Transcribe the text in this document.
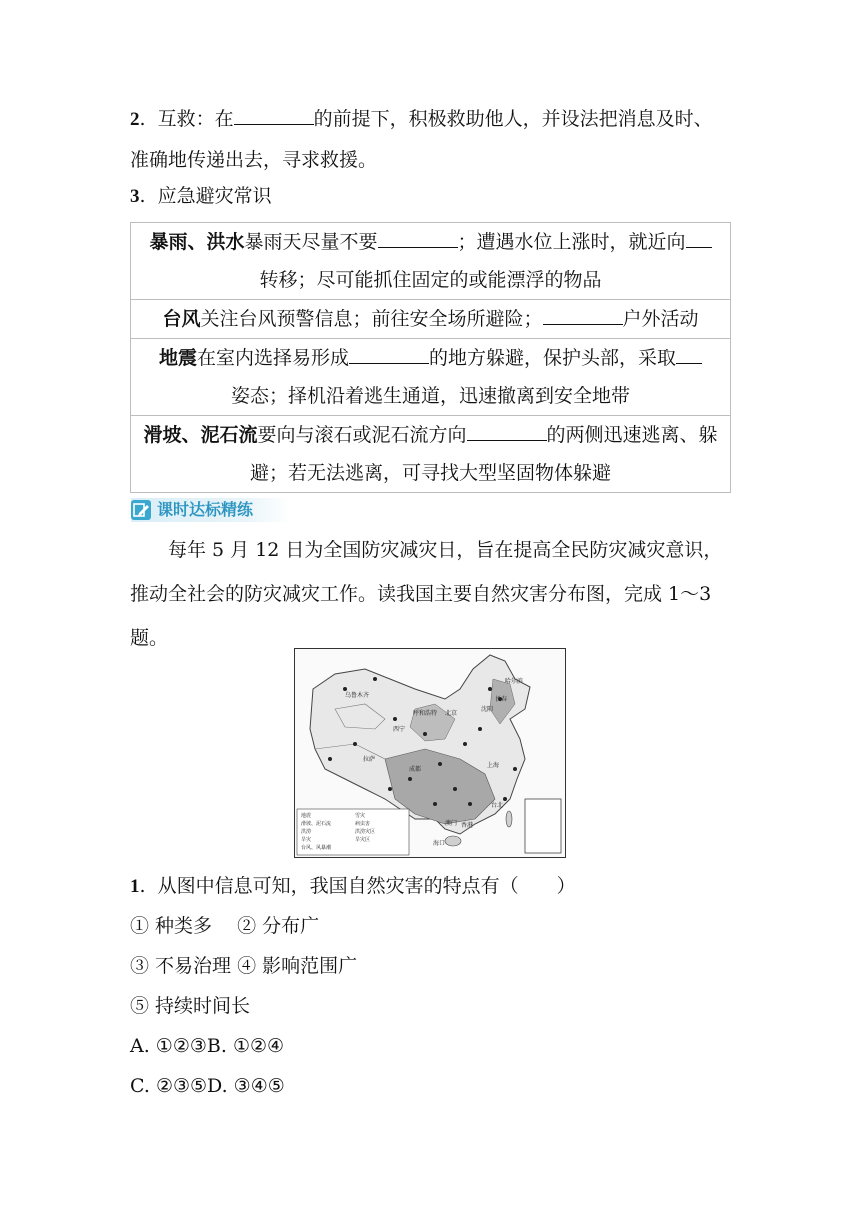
2.  互救：在	的前提下，积极救助他人，并设法把消息及时、
准确地传递出去，寻求救援。
3.  应急避灾常识
暴雨、洪水暴雨天尽量不要	；遭遇水位上涨时，就近向
转移；尽可能抓住固定的或能漂浮的物品
台风关注台风预警信息；前往安全场所避险；	户外活动
地震在室内选择易形成	的地方躲避，保护头部，采取
姿态；择机沿着逃生通道，迅速撤离到安全地带
滑坡、泥石流要向与滚石或泥石流方向	的两侧迅速逃离、躲
避；若无法逃离，可寻找大型坚固物体躲避
课时达标精练
每年 5 月 12 日为全国防灾减灾日，旨在提高全民防灾减灾意识，推动全社会的防灾减灾工作。读我国主要自然灾害分布图，完成 1～3 题。
乌鲁木齐
呼和浩特 北京
长春
沈阳
哈尔滨
西宁
拉萨
成都
上海
台北
香港
澳门
海口
地震
滑坡、泥石流
洪涝
旱灾
台风、风暴潮
雪灾
病虫害
洪涝灾区
旱灾区
1.  从图中信息可知，我国自然灾害的特点有（　　）
① 种类多　 ② 分布广
③ 不易治理 ④ 影响范围广
⑤ 持续时间长
A. ①②③B. ①②④
C. ②③⑤D. ③④⑤
